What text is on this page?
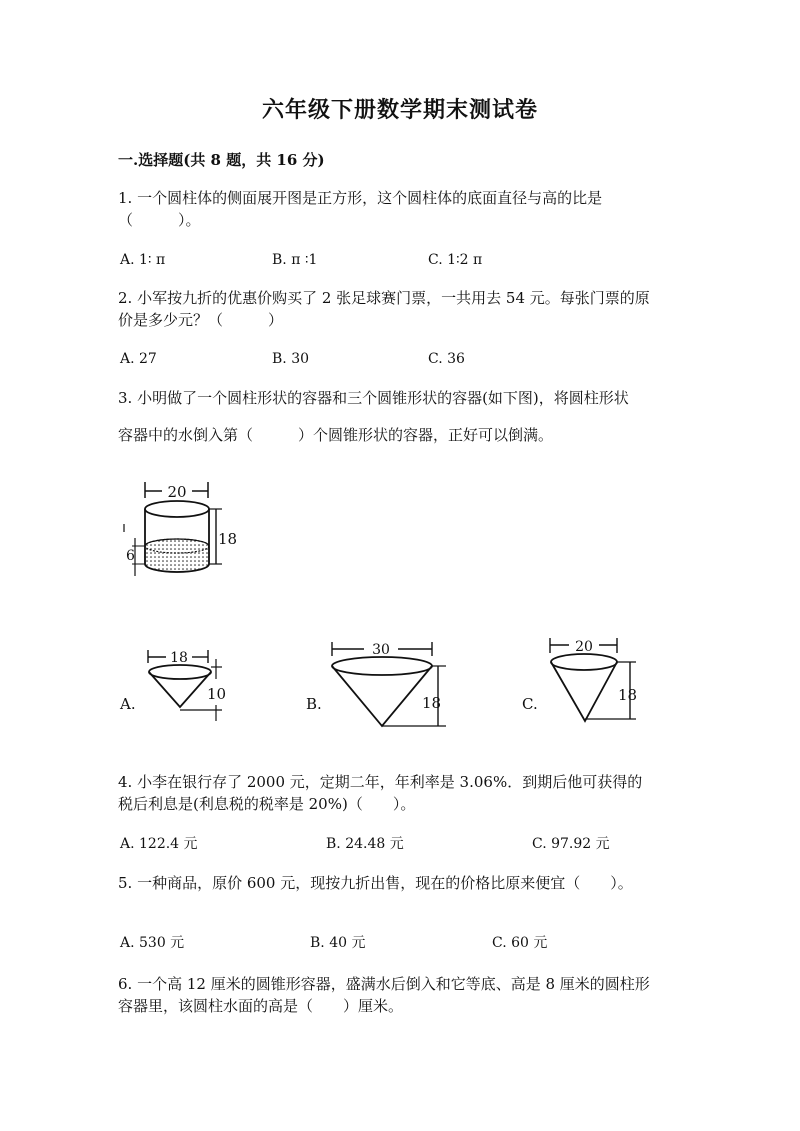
六年级下册数学期末测试卷
一.选择题(共 8 题，共 16 分)
1. 一个圆柱体的侧面展开图是正方形，这个圆柱体的底面直径与高的比是
（　　　）。
A. 1∶ π	B. π ∶1	C. 1∶2 π
2. 小军按九折的优惠价购买了 2 张足球赛门票，一共用去 54 元。每张门票的原
价是多少元？（　　　）
A. 27	B. 30	C. 36
3. 小明做了一个圆柱形状的容器和三个圆锥形状的容器(如下图)，将圆柱形状
容器中的水倒入第（　　　）个圆锥形状的容器，正好可以倒满。
20
18
6
A.
18
10
B.
30
18	C.
20
18
4. 小李在银行存了 2000 元，定期二年，年利率是 3.06%．到期后他可获得的
税后利息是(利息税的税率是 20%)（　　）。
A. 122.4 元	B. 24.48 元	C. 97.92 元
5. 一种商品，原价 600 元，现按九折出售，现在的价格比原来便宜（　　）。
A. 530 元	B. 40 元	C. 60 元
6. 一个高 12 厘米的圆锥形容器，盛满水后倒入和它等底、高是 8 厘米的圆柱形
容器里，该圆柱水面的高是（　　）厘米。
